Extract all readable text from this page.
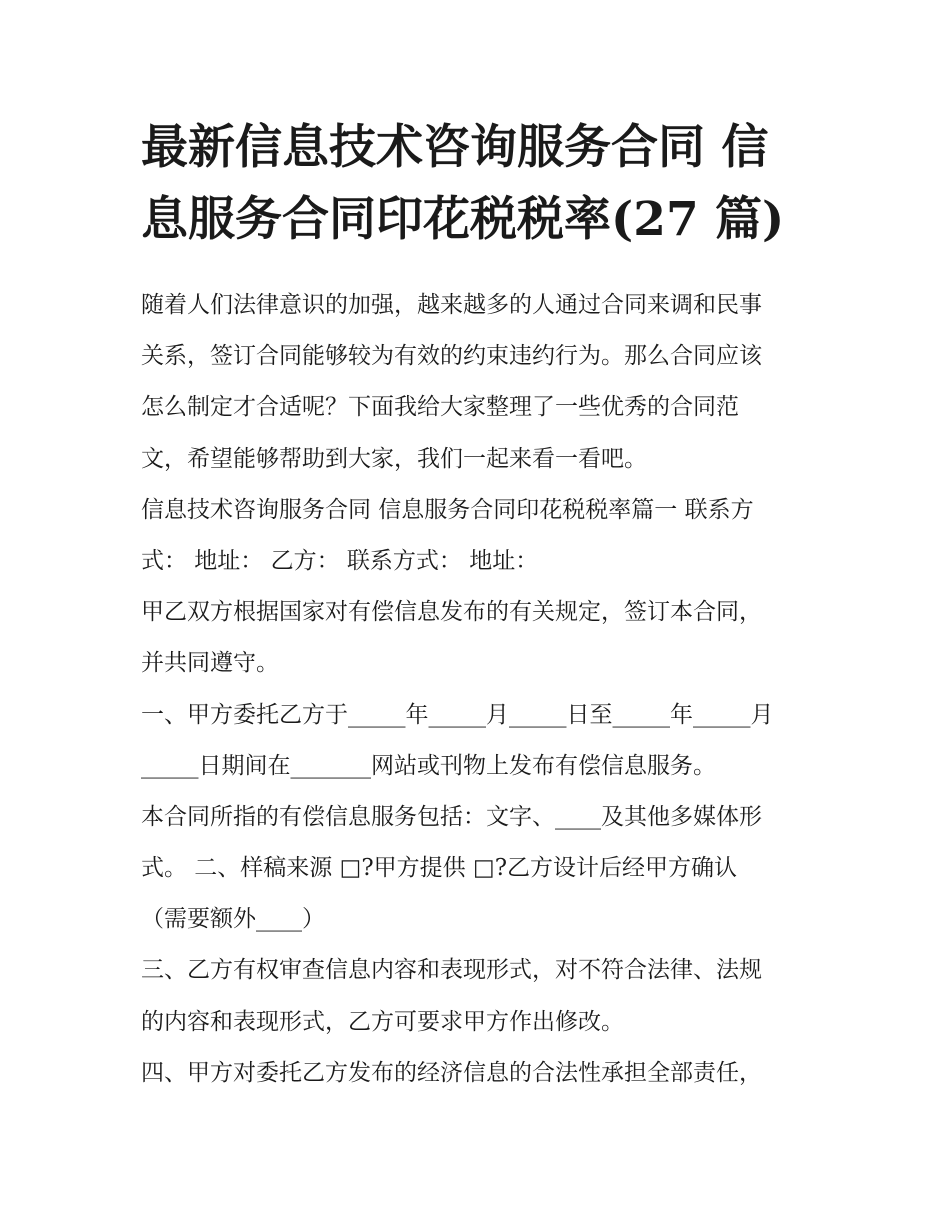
最新信息技术咨询服务合同 信
息服务合同印花税税率(27 篇)
随着人们法律意识的加强，越来越多的人通过合同来调和民事
关系，签订合同能够较为有效的约束违约行为。那么合同应该
怎么制定才合适呢？下面我给大家整理了一些优秀的合同范
文，希望能够帮助到大家，我们一起来看一看吧。
信息技术咨询服务合同 信息服务合同印花税税率篇一 联系方
式： 地址： 乙方： 联系方式： 地址：
甲乙双方根据国家对有偿信息发布的有关规定，签订本合同，
并共同遵守。
一、甲方委托乙方于_____年_____月_____日至_____年_____月
_____日期间在_______网站或刊物上发布有偿信息服务。
本合同所指的有偿信息服务包括：文字、____及其他多媒体形
式。 二、样稿来源 □?甲方提供 □?乙方设计后经甲方确认
（需要额外____）
三、乙方有权审查信息内容和表现形式，对不符合法律、法规
的内容和表现形式，乙方可要求甲方作出修改。
四、甲方对委托乙方发布的经济信息的合法性承担全部责任，
